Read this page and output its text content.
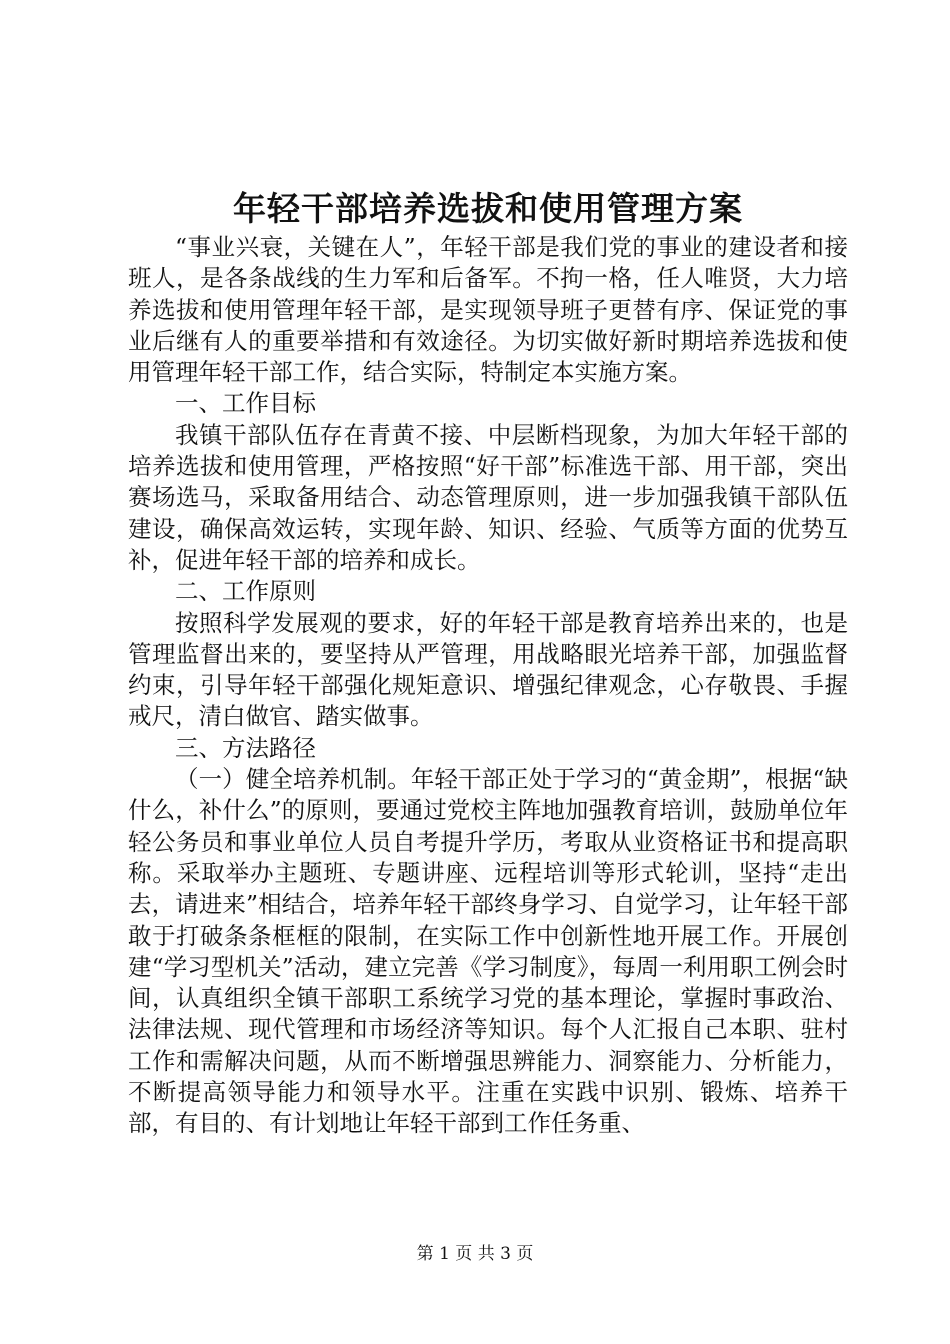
年轻干部培养选拔和使用管理方案

“事业兴衰，关键在人”，年轻干部是我们党的事业的建设者和接班人，是各条战线的生力军和后备军。不拘一格，任人唯贤，大力培养选拔和使用管理年轻干部，是实现领导班子更替有序、保证党的事业后继有人的重要举措和有效途径。为切实做好新时期培养选拔和使用管理年轻干部工作，结合实际，特制定本实施方案。

一、工作目标

我镇干部队伍存在青黄不接、中层断档现象，为加大年轻干部的培养选拔和使用管理，严格按照“好干部”标准选干部、用干部，突出赛场选马，采取备用结合、动态管理原则，进一步加强我镇干部队伍建设，确保高效运转，实现年龄、知识、经验、气质等方面的优势互补，促进年轻干部的培养和成长。

二、工作原则

按照科学发展观的要求，好的年轻干部是教育培养出来的，也是管理监督出来的，要坚持从严管理，用战略眼光培养干部，加强监督约束，引导年轻干部强化规矩意识、增强纪律观念，心存敬畏、手握戒尺，清白做官、踏实做事。

三、方法路径

（一）健全培养机制。年轻干部正处于学习的“黄金期”，根据“缺什么，补什么”的原则，要通过党校主阵地加强教育培训，鼓励单位年轻公务员和事业单位人员自考提升学历，考取从业资格证书和提高职称。采取举办主题班、专题讲座、远程培训等形式轮训，坚持“走出去，请进来”相结合，培养年轻干部终身学习、自觉学习，让年轻干部敢于打破条条框框的限制，在实际工作中创新性地开展工作。开展创建“学习型机关”活动，建立完善《学习制度》，每周一利用职工例会时间，认真组织全镇干部职工系统学习党的基本理论，掌握时事政治、法律法规、现代管理和市场经济等知识。每个人汇报自己本职、驻村工作和需解决问题，从而不断增强思辨能力、洞察能力、分析能力，不断提高领导能力和领导水平。注重在实践中识别、锻炼、培养干部，有目的、有计划地让年轻干部到工作任务重、

第 1 页 共 3 页
